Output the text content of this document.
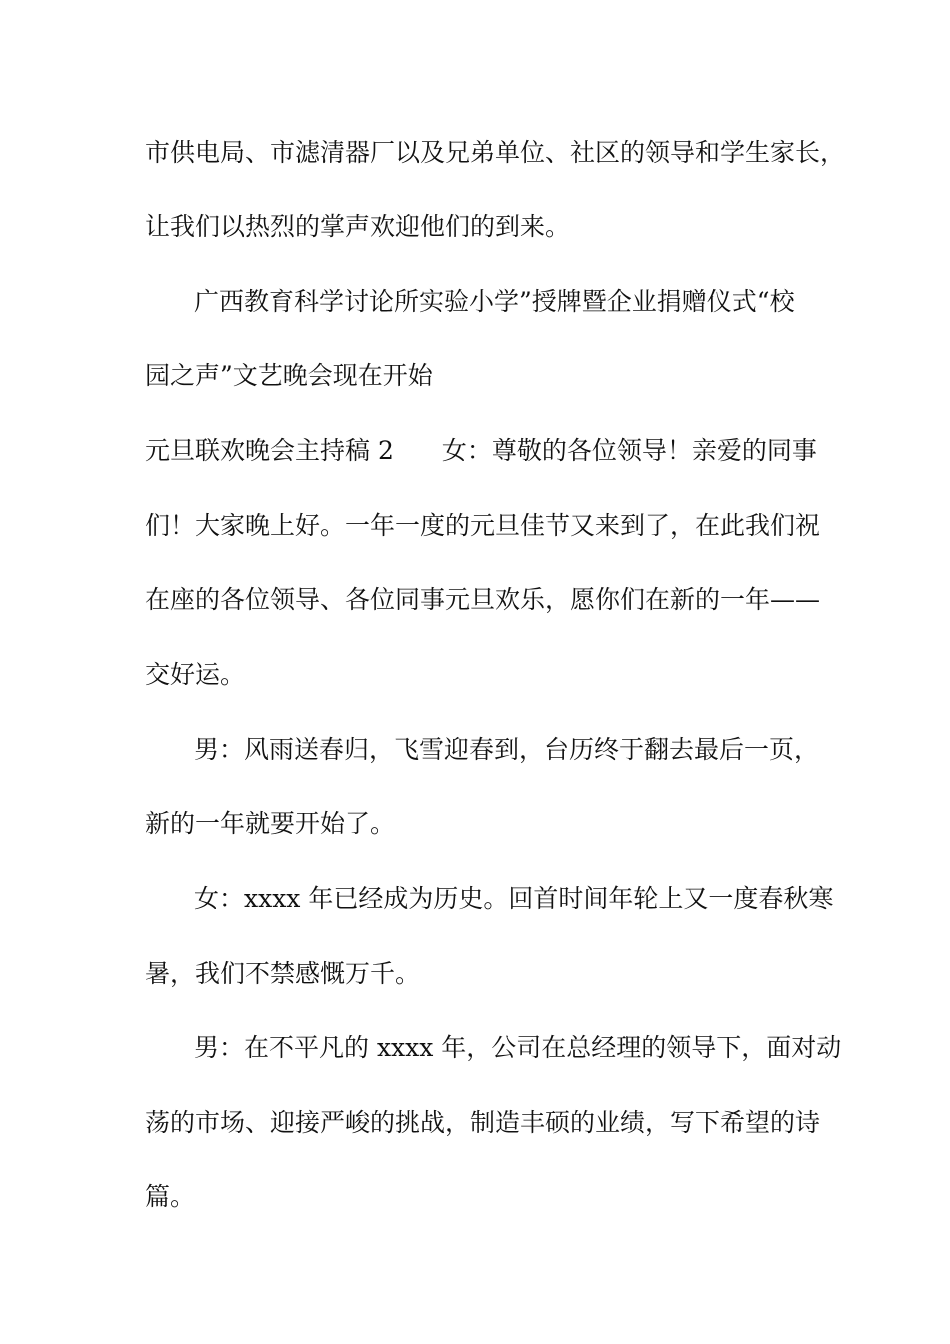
市供电局、市滤清器厂以及兄弟单位、社区的领导和学生家长，
让我们以热烈的掌声欢迎他们的到来。
广西教育科学讨论所实验小学”授牌暨企业捐赠仪式“校
园之声”文艺晚会现在开始
元旦联欢晚会主持稿 2 女：尊敬的各位领导！亲爱的同事
们！大家晚上好。一年一度的元旦佳节又来到了，在此我们祝
在座的各位领导、各位同事元旦欢乐，愿你们在新的一年——
交好运。
男：风雨送春归，飞雪迎春到，台历终于翻去最后一页，
新的一年就要开始了。
女：xxxx 年已经成为历史。回首时间年轮上又一度春秋寒
暑，我们不禁感慨万千。
男：在不平凡的 xxxx 年，公司在总经理的领导下，面对动
荡的市场、迎接严峻的挑战，制造丰硕的业绩，写下希望的诗
篇。
